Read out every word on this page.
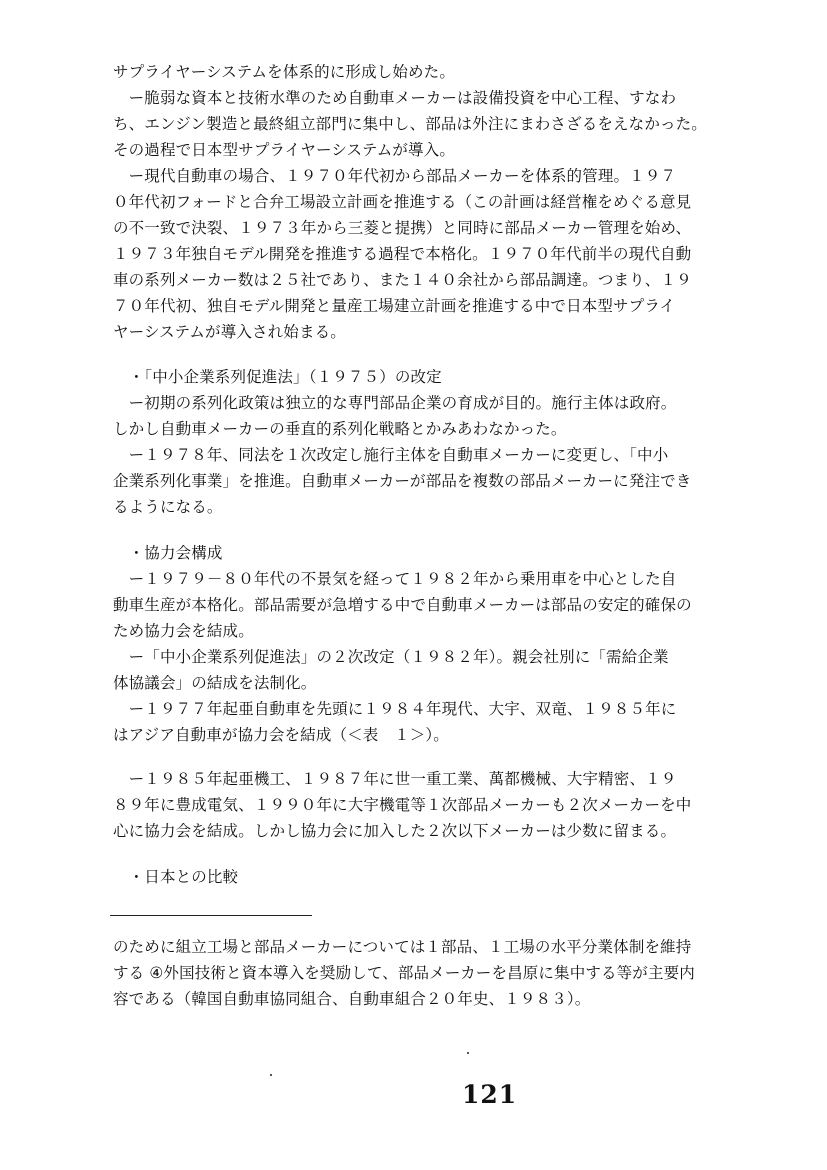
サプライヤーシステムを体系的に形成し始めた。
　ー脆弱な資本と技術水準のため自動車メーカーは設備投資を中心工程、すなわ
ち、エンジン製造と最終組立部門に集中し、部品は外注にまわさざるをえなかった。
その過程で日本型サプライヤーシステムが導入。
　ー現代自動車の場合、１９７０年代初から部品メーカーを体系的管理。１９７
０年代初フォードと合弁工場設立計画を推進する（この計画は経営権をめぐる意見
の不一致で決裂、１９７３年から三菱と提携）と同時に部品メーカー管理を始め、
１９７３年独自モデル開発を推進する過程で本格化。１９７０年代前半の現代自動
車の系列メーカー数は２５社であり、また１４０余社から部品調達。つまり、１９
７０年代初、独自モデル開発と量産工場建立計画を推進する中で日本型サプライ
ヤーシステムが導入され始まる。
　・「中小企業系列促進法」（１９７５）の改定
　ー初期の系列化政策は独立的な専門部品企業の育成が目的。施行主体は政府。
しかし自動車メーカーの垂直的系列化戦略とかみあわなかった。
　ー１９７８年、同法を１次改定し施行主体を自動車メーカーに変更し、「中小
企業系列化事業」を推進。自動車メーカーが部品を複数の部品メーカーに発注でき
るようになる。
　・協力会構成
　ー１９７９－８０年代の不景気を経って１９８２年から乗用車を中心とした自
動車生産が本格化。部品需要が急増する中で自動車メーカーは部品の安定的確保の
ため協力会を結成。
　ー「中小企業系列促進法」の２次改定（１９８２年）。親会社別に「需給企業
体協議会」の結成を法制化。
　ー１９７７年起亜自動車を先頭に１９８４年現代、大宇、双竜、１９８５年に
はアジア自動車が協力会を結成（＜表　１＞）。
　ー１９８５年起亜機工、１９８７年に世一重工業、萬都機械、大宇精密、１９
８９年に豊成電気、１９９０年に大宇機電等１次部品メーカーも２次メーカーを中
心に協力会を結成。しかし協力会に加入した２次以下メーカーは少数に留まる。
　・日本との比較
のために組立工場と部品メーカーについては１部品、１工場の水平分業体制を維持
する ④外国技術と資本導入を奨励して、部品メーカーを昌原に集中する等が主要内
容である（韓国自動車協同組合、自動車組合２０年史、１９８３）。
121
